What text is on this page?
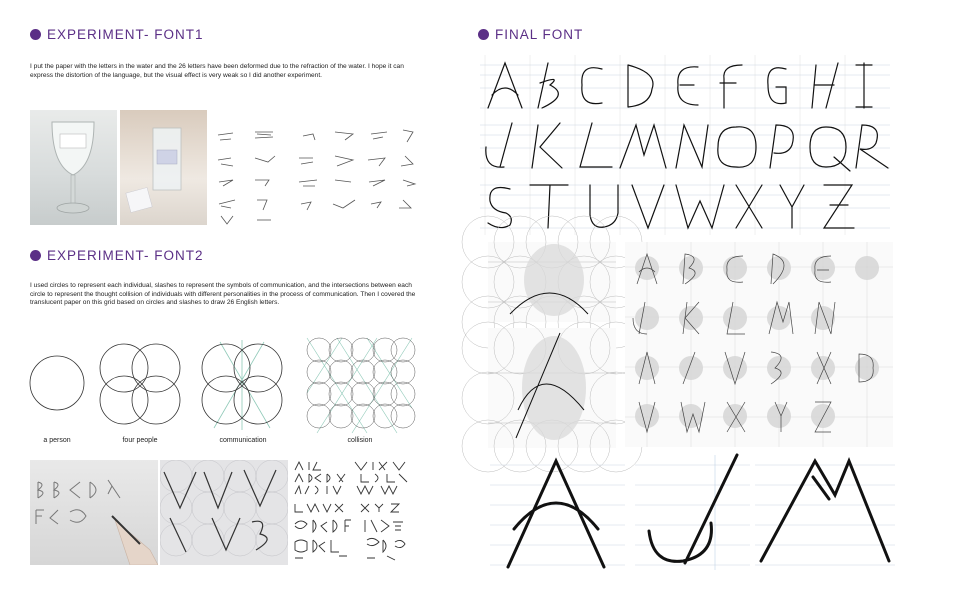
EXPERIMENT- FONT1
I put the paper with the letters in the water and the 26 letters have been deformed due to the refraction of the water. I hope it can express the distortion of the language, but the visual effect is very weak so I did another experiment.
EXPERIMENT- FONT2
I used circles to represent each individual, slashes to represent the symbols of communication, and the intersections between each circle to represent the thought collision of individuals with different personalities in the process of communication. Then I covered the translucent paper on this grid based on circles and slashes to draw 26 English letters.
a person	four people	communication	collision
FINAL FONT
